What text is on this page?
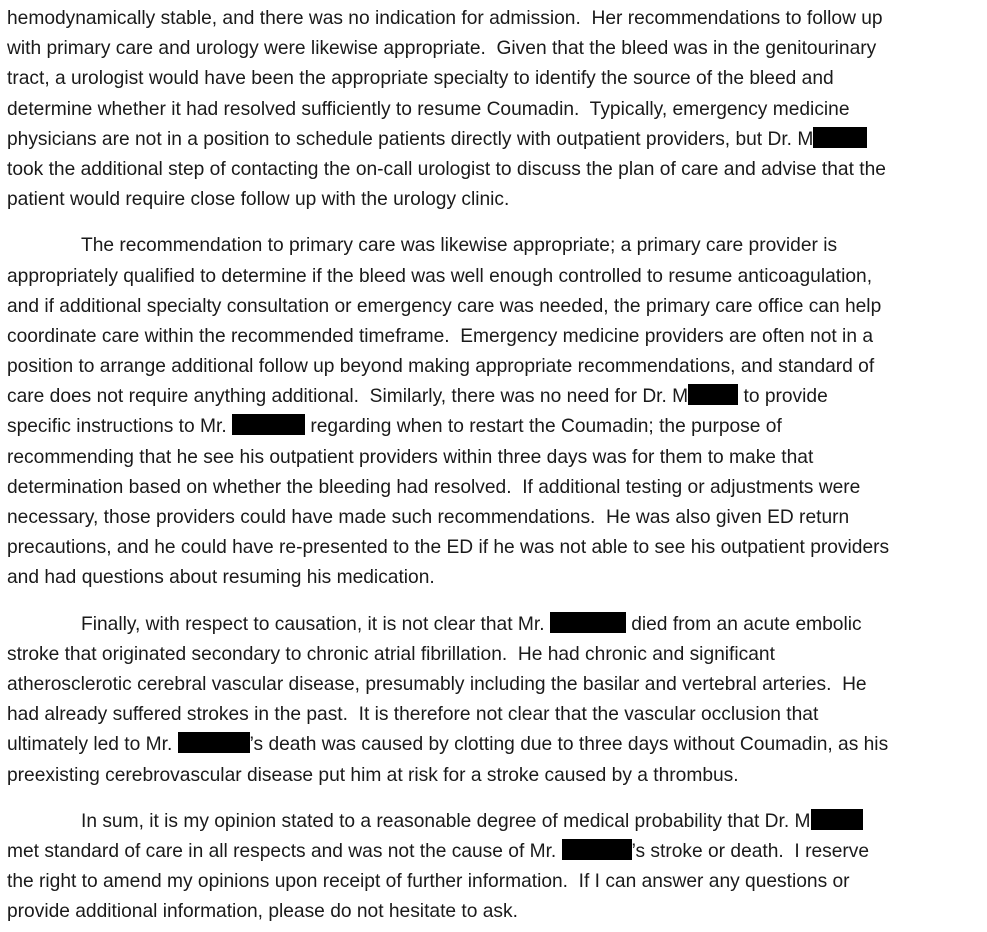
hemodynamically stable, and there was no indication for admission.  Her recommendations to follow up
with primary care and urology were likewise appropriate.  Given that the bleed was in the genitourinary
tract, a urologist would have been the appropriate specialty to identify the source of the bleed and
determine whether it had resolved sufficiently to resume Coumadin.  Typically, emergency medicine
physicians are not in a position to schedule patients directly with outpatient providers, but Dr. M
took the additional step of contacting the on-call urologist to discuss the plan of care and advise that the
patient would require close follow up with the urology clinic.
The recommendation to primary care was likewise appropriate; a primary care provider is
appropriately qualified to determine if the bleed was well enough controlled to resume anticoagulation,
and if additional specialty consultation or emergency care was needed, the primary care office can help
coordinate care within the recommended timeframe.  Emergency medicine providers are often not in a
position to arrange additional follow up beyond making appropriate recommendations, and standard of
care does not require anything additional.  Similarly, there was no need for Dr. M	to provide
specific instructions to Mr.	regarding when to restart the Coumadin; the purpose of
recommending that he see his outpatient providers within three days was for them to make that
determination based on whether the bleeding had resolved.  If additional testing or adjustments were
necessary, those providers could have made such recommendations.  He was also given ED return
precautions, and he could have re-presented to the ED if he was not able to see his outpatient providers
and had questions about resuming his medication.
Finally, with respect to causation, it is not clear that Mr.	died from an acute embolic
stroke that originated secondary to chronic atrial fibrillation.  He had chronic and significant
atherosclerotic cerebral vascular disease, presumably including the basilar and vertebral arteries.  He
had already suffered strokes in the past.  It is therefore not clear that the vascular occlusion that
ultimately led to Mr.	’s death was caused by clotting due to three days without Coumadin, as his
preexisting cerebrovascular disease put him at risk for a stroke caused by a thrombus.
In sum, it is my opinion stated to a reasonable degree of medical probability that Dr. M
met standard of care in all respects and was not the cause of Mr.	’s stroke or death.  I reserve
the right to amend my opinions upon receipt of further information.  If I can answer any questions or
provide additional information, please do not hesitate to ask.
